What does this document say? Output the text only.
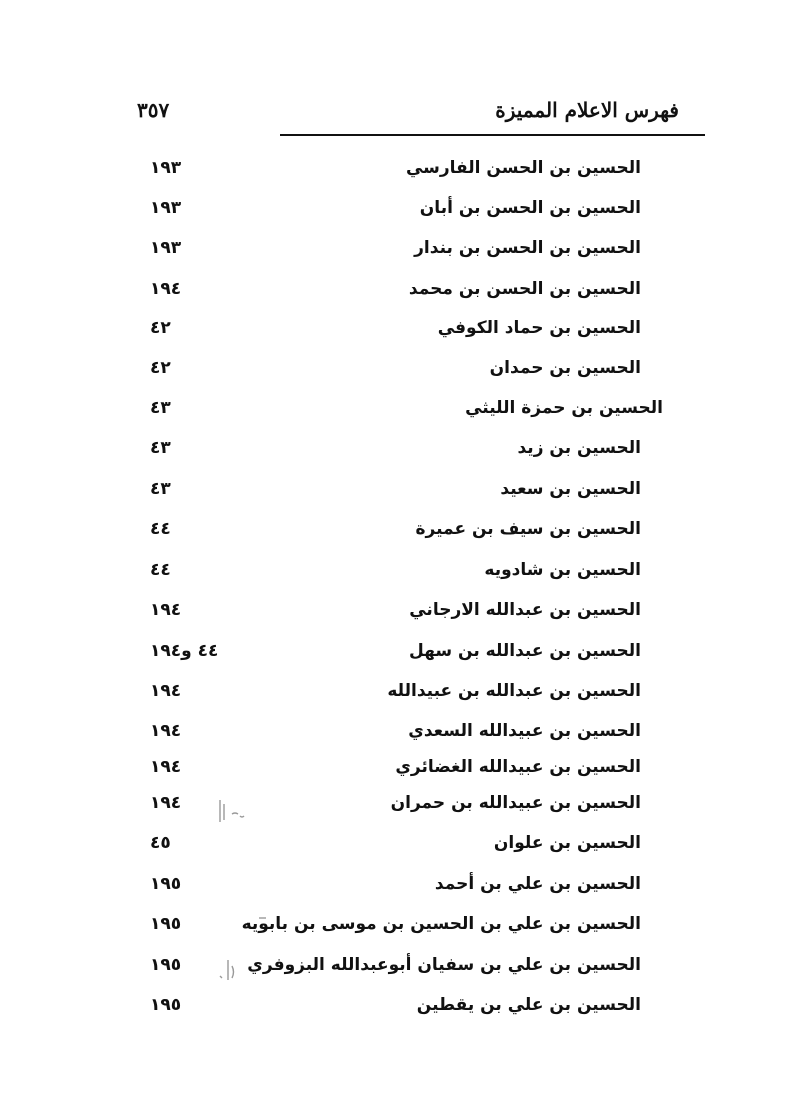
فهرس الاعلام المميزة
٣٥٧
الحسين بن الحسن الفارسي
١٩٣
الحسين بن الحسن بن أبان
١٩٣
الحسين بن الحسن بن بندار
١٩٣
الحسين بن الحسن بن محمد
١٩٤
الحسين بن حماد الكوفي
٤٢
الحسين بن حمدان
٤٢
الحسين بن حمزة الليثي
٤٣
الحسين بن زيد
٤٣
الحسين بن سعيد
٤٣
الحسين بن سيف بن عميرة
٤٤
الحسين بن شادويه
٤٤
الحسين بن عبدالله الارجاني
١٩٤
الحسين بن عبدالله بن سهل
٤٤ و١٩٤
الحسين بن عبدالله بن عبيدالله
١٩٤
الحسين بن عبيدالله السعدي
١٩٤
الحسين بن عبيدالله الغضائري
١٩٤
الحسين بن عبيدالله بن حمران
١٩٤
الحسين بن علوان
٤٥
الحسين بن علي بن أحمد
١٩٥
الحسين بن علي بن الحسين بن موسى بن بابويه
١٩٥
الحسين بن علي بن سفيان أبوعبدالله البزوفري
١٩٥
الحسين بن علي بن يقطين
١٩٥
